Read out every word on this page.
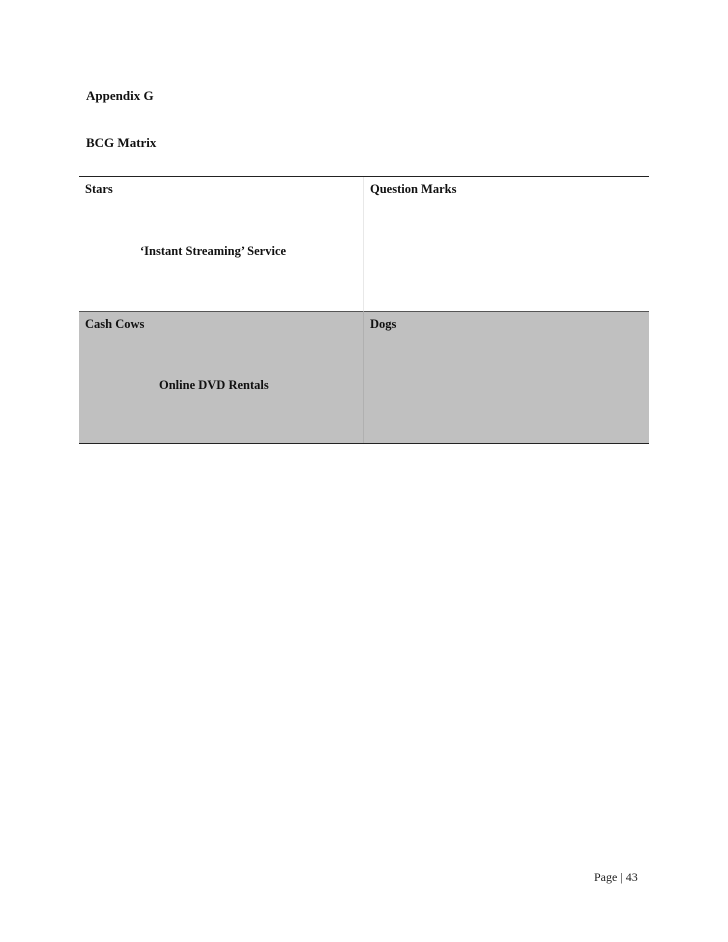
Appendix G

BCG Matrix

Stars
‘Instant Streaming’ Service
Question Marks
Cash Cows
Online DVD Rentals
Dogs
Page | 43
